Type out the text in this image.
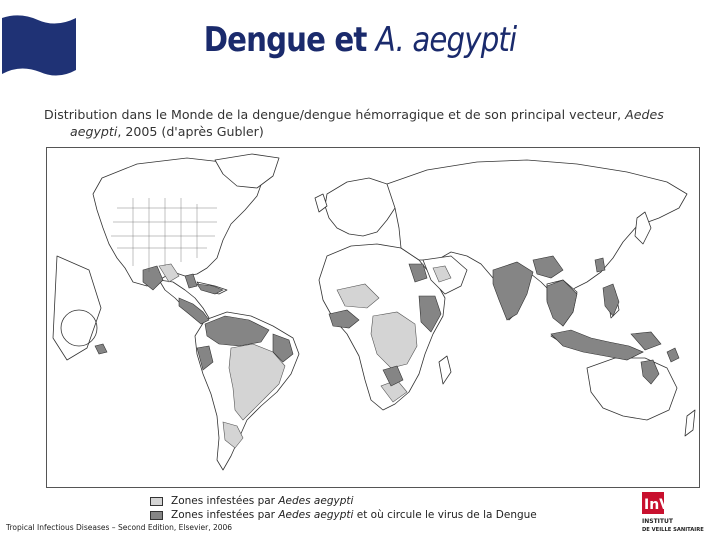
Dengue et A. aegypti
Distribution dans le Monde de la dengue/dengue hémorragique et de son principal vecteur, Aedes
aegypti, 2005 (d'après Gubler)
Zones infestées par Aedes aegypti
Zones infestées par Aedes aegypti et où circule le virus de la Dengue
Tropical Infectious Diseases – Second Edition, Elsevier, 2006
InVS
INSTITUT
DE VEILLE SANITAIRE
